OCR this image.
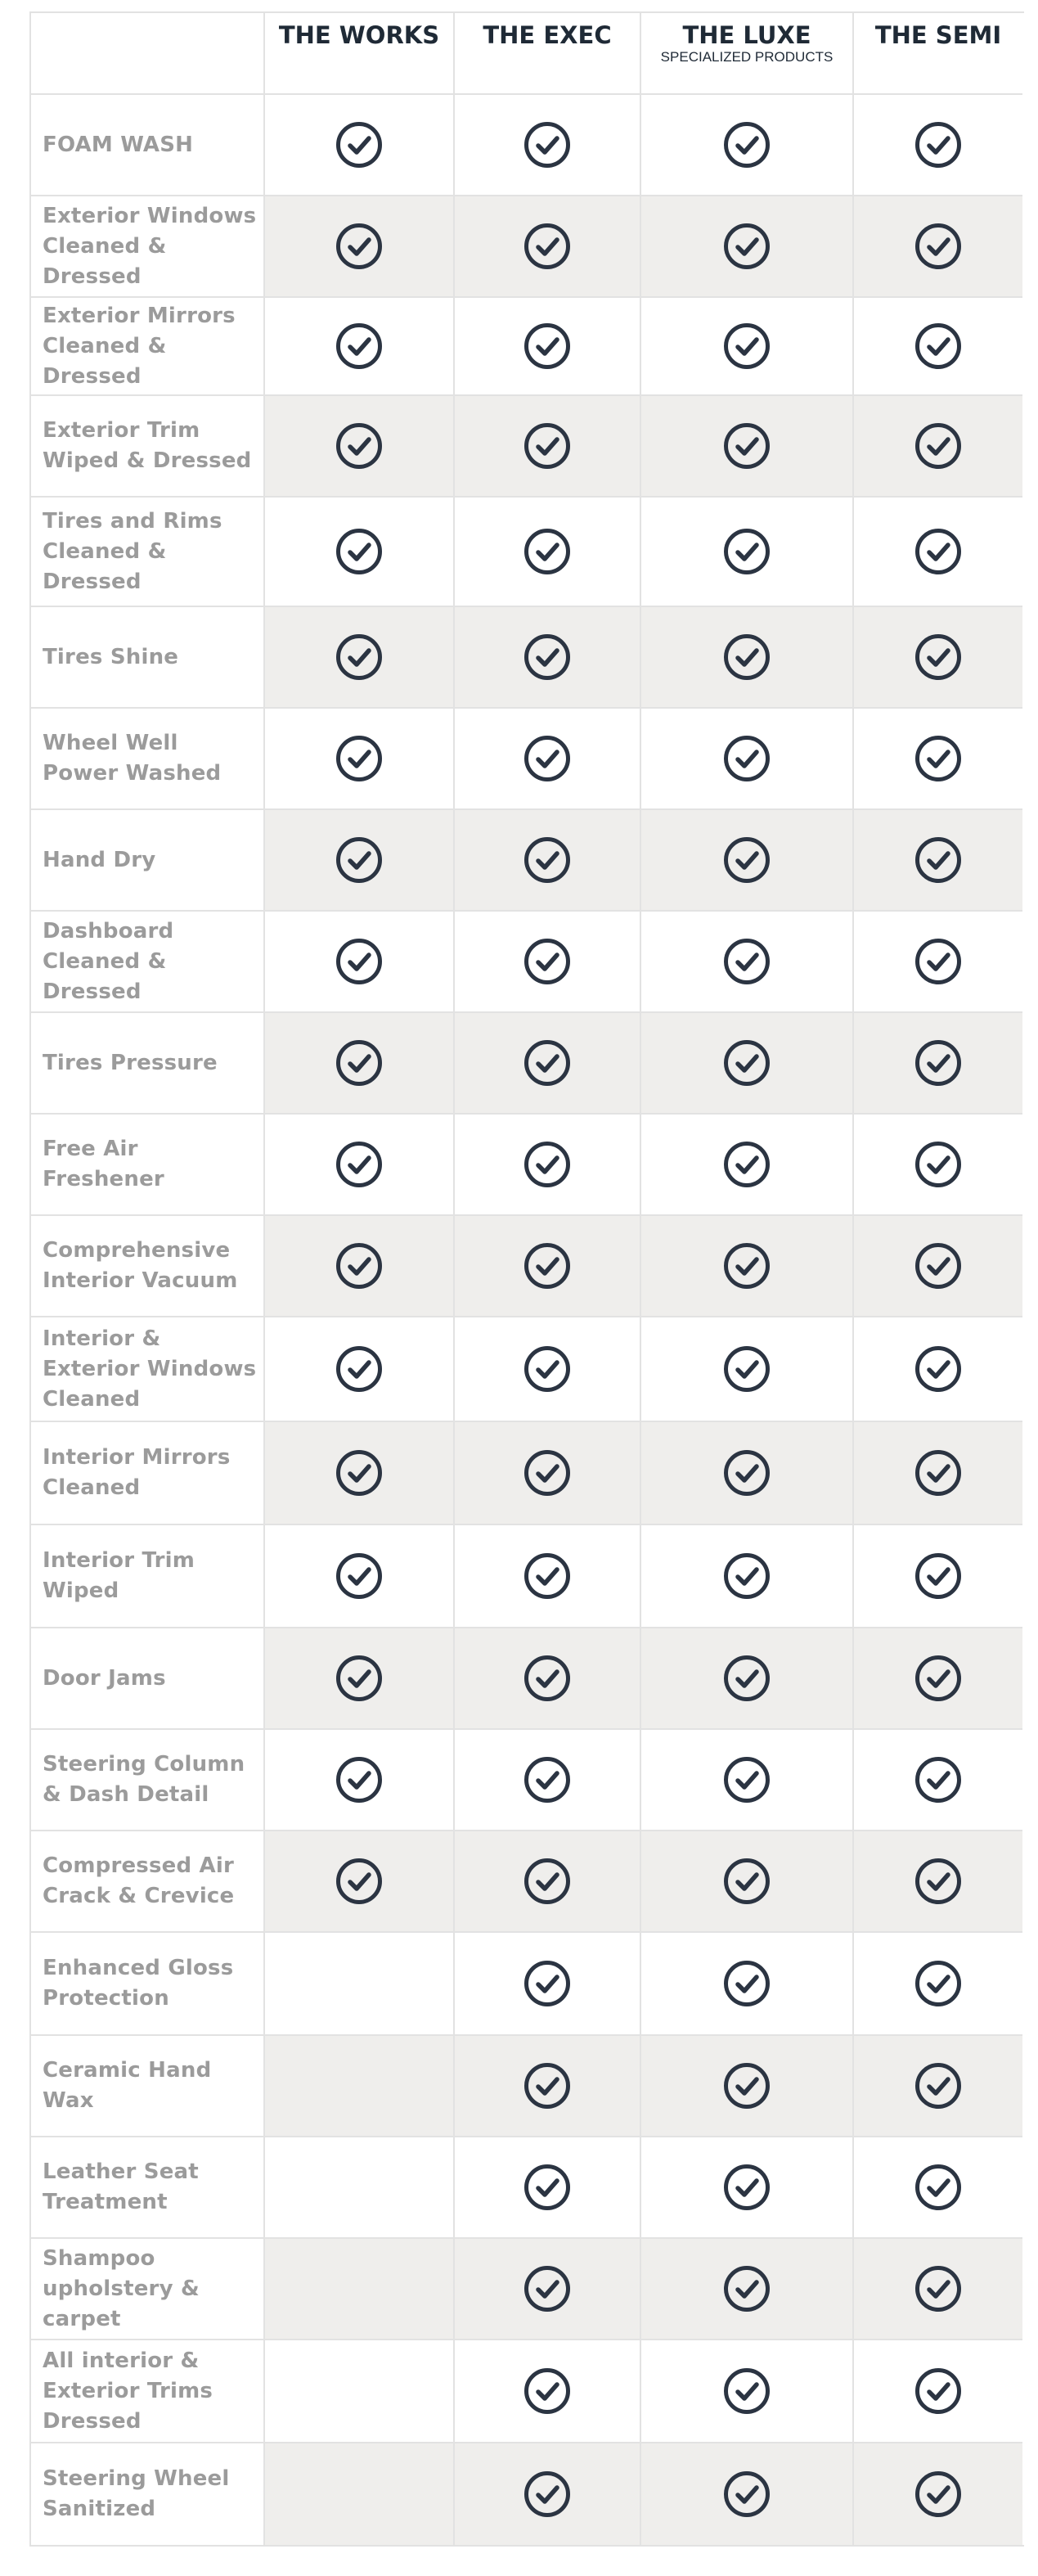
THE WORKS THE EXEC	THE LUXE
SPECIALIZED PRODUCTS
THE SEMI
FOAM WASH
Exterior Windows Cleaned & Dressed
Exterior Mirrors Cleaned & Dressed
Exterior Trim Wiped & Dressed
Tires and Rims Cleaned & Dressed
Tires Shine
Wheel Well Power Washed
Hand Dry
Dashboard Cleaned & Dressed
Tires Pressure
Free Air Freshener
Comprehensive Interior Vacuum
Interior & Exterior Windows Cleaned
Interior Mirrors Cleaned
Interior Trim Wiped
Door Jams
Steering Column & Dash Detail
Compressed Air Crack & Crevice
Enhanced Gloss Protection
Ceramic Hand Wax
Leather Seat Treatment
Shampoo upholstery & carpet
All interior & Exterior Trims Dressed
Steering Wheel Sanitized
